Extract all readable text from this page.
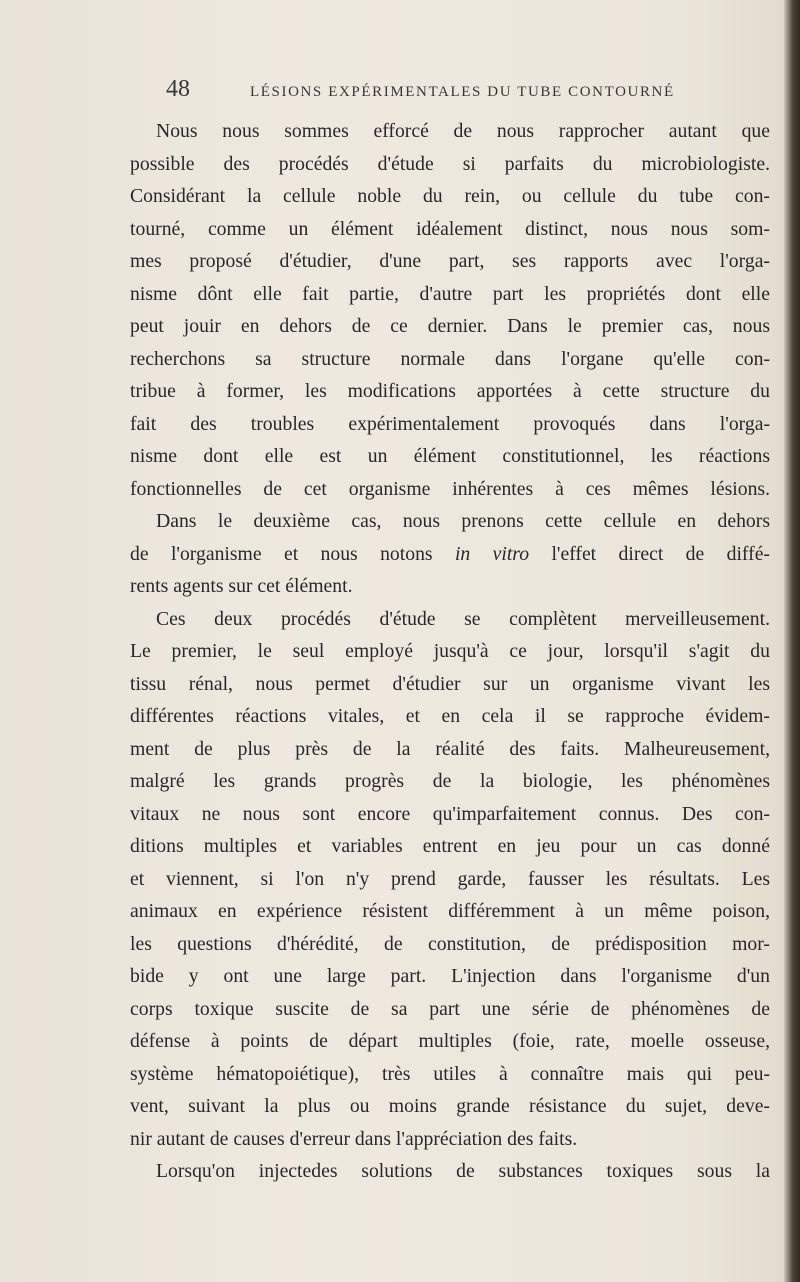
48	LÉSIONS EXPÉRIMENTALES DU TUBE CONTOURNÉ
Nous nous sommes efforcé de nous rapprocher autant que
possible des procédés d'étude si parfaits du microbiologiste.
Considérant la cellule noble du rein, ou cellule du tube con-
tourné, comme un élément idéalement distinct, nous nous som-
mes proposé d'étudier, d'une part, ses rapports avec l'orga-
nisme dônt elle fait partie, d'autre part les propriétés dont elle
peut jouir en dehors de ce dernier. Dans le premier cas, nous
recherchons sa structure normale dans l'organe qu'elle con-
tribue à former, les modifications apportées à cette structure du
fait des troubles expérimentalement provoqués dans l'orga-
nisme dont elle est un élément constitutionnel, les réactions
fonctionnelles de cet organisme inhérentes à ces mêmes lésions.
Dans le deuxième cas, nous prenons cette cellule en dehors
de l'organisme et nous notons in vitro l'effet direct de diffé-
rents agents sur cet élément.
Ces deux procédés d'étude se complètent merveilleusement.
Le premier, le seul employé jusqu'à ce jour, lorsqu'il s'agit du
tissu rénal, nous permet d'étudier sur un organisme vivant les
différentes réactions vitales, et en cela il se rapproche évidem-
ment de plus près de la réalité des faits. Malheureusement,
malgré les grands progrès de la biologie, les phénomènes
vitaux ne nous sont encore qu'imparfaitement connus. Des con-
ditions multiples et variables entrent en jeu pour un cas donné
et viennent, si l'on n'y prend garde, fausser les résultats. Les
animaux en expérience résistent différemment à un même poison,
les questions d'hérédité, de constitution, de prédisposition mor-
bide y ont une large part. L'injection dans l'organisme d'un
corps toxique suscite de sa part une série de phénomènes de
défense à points de départ multiples (foie, rate, moelle osseuse,
système hématopoiétique), très utiles à connaître mais qui peu-
vent, suivant la plus ou moins grande résistance du sujet, deve-
nir autant de causes d'erreur dans l'appréciation des faits.
Lorsqu'on injectedes solutions de substances toxiques sous la
